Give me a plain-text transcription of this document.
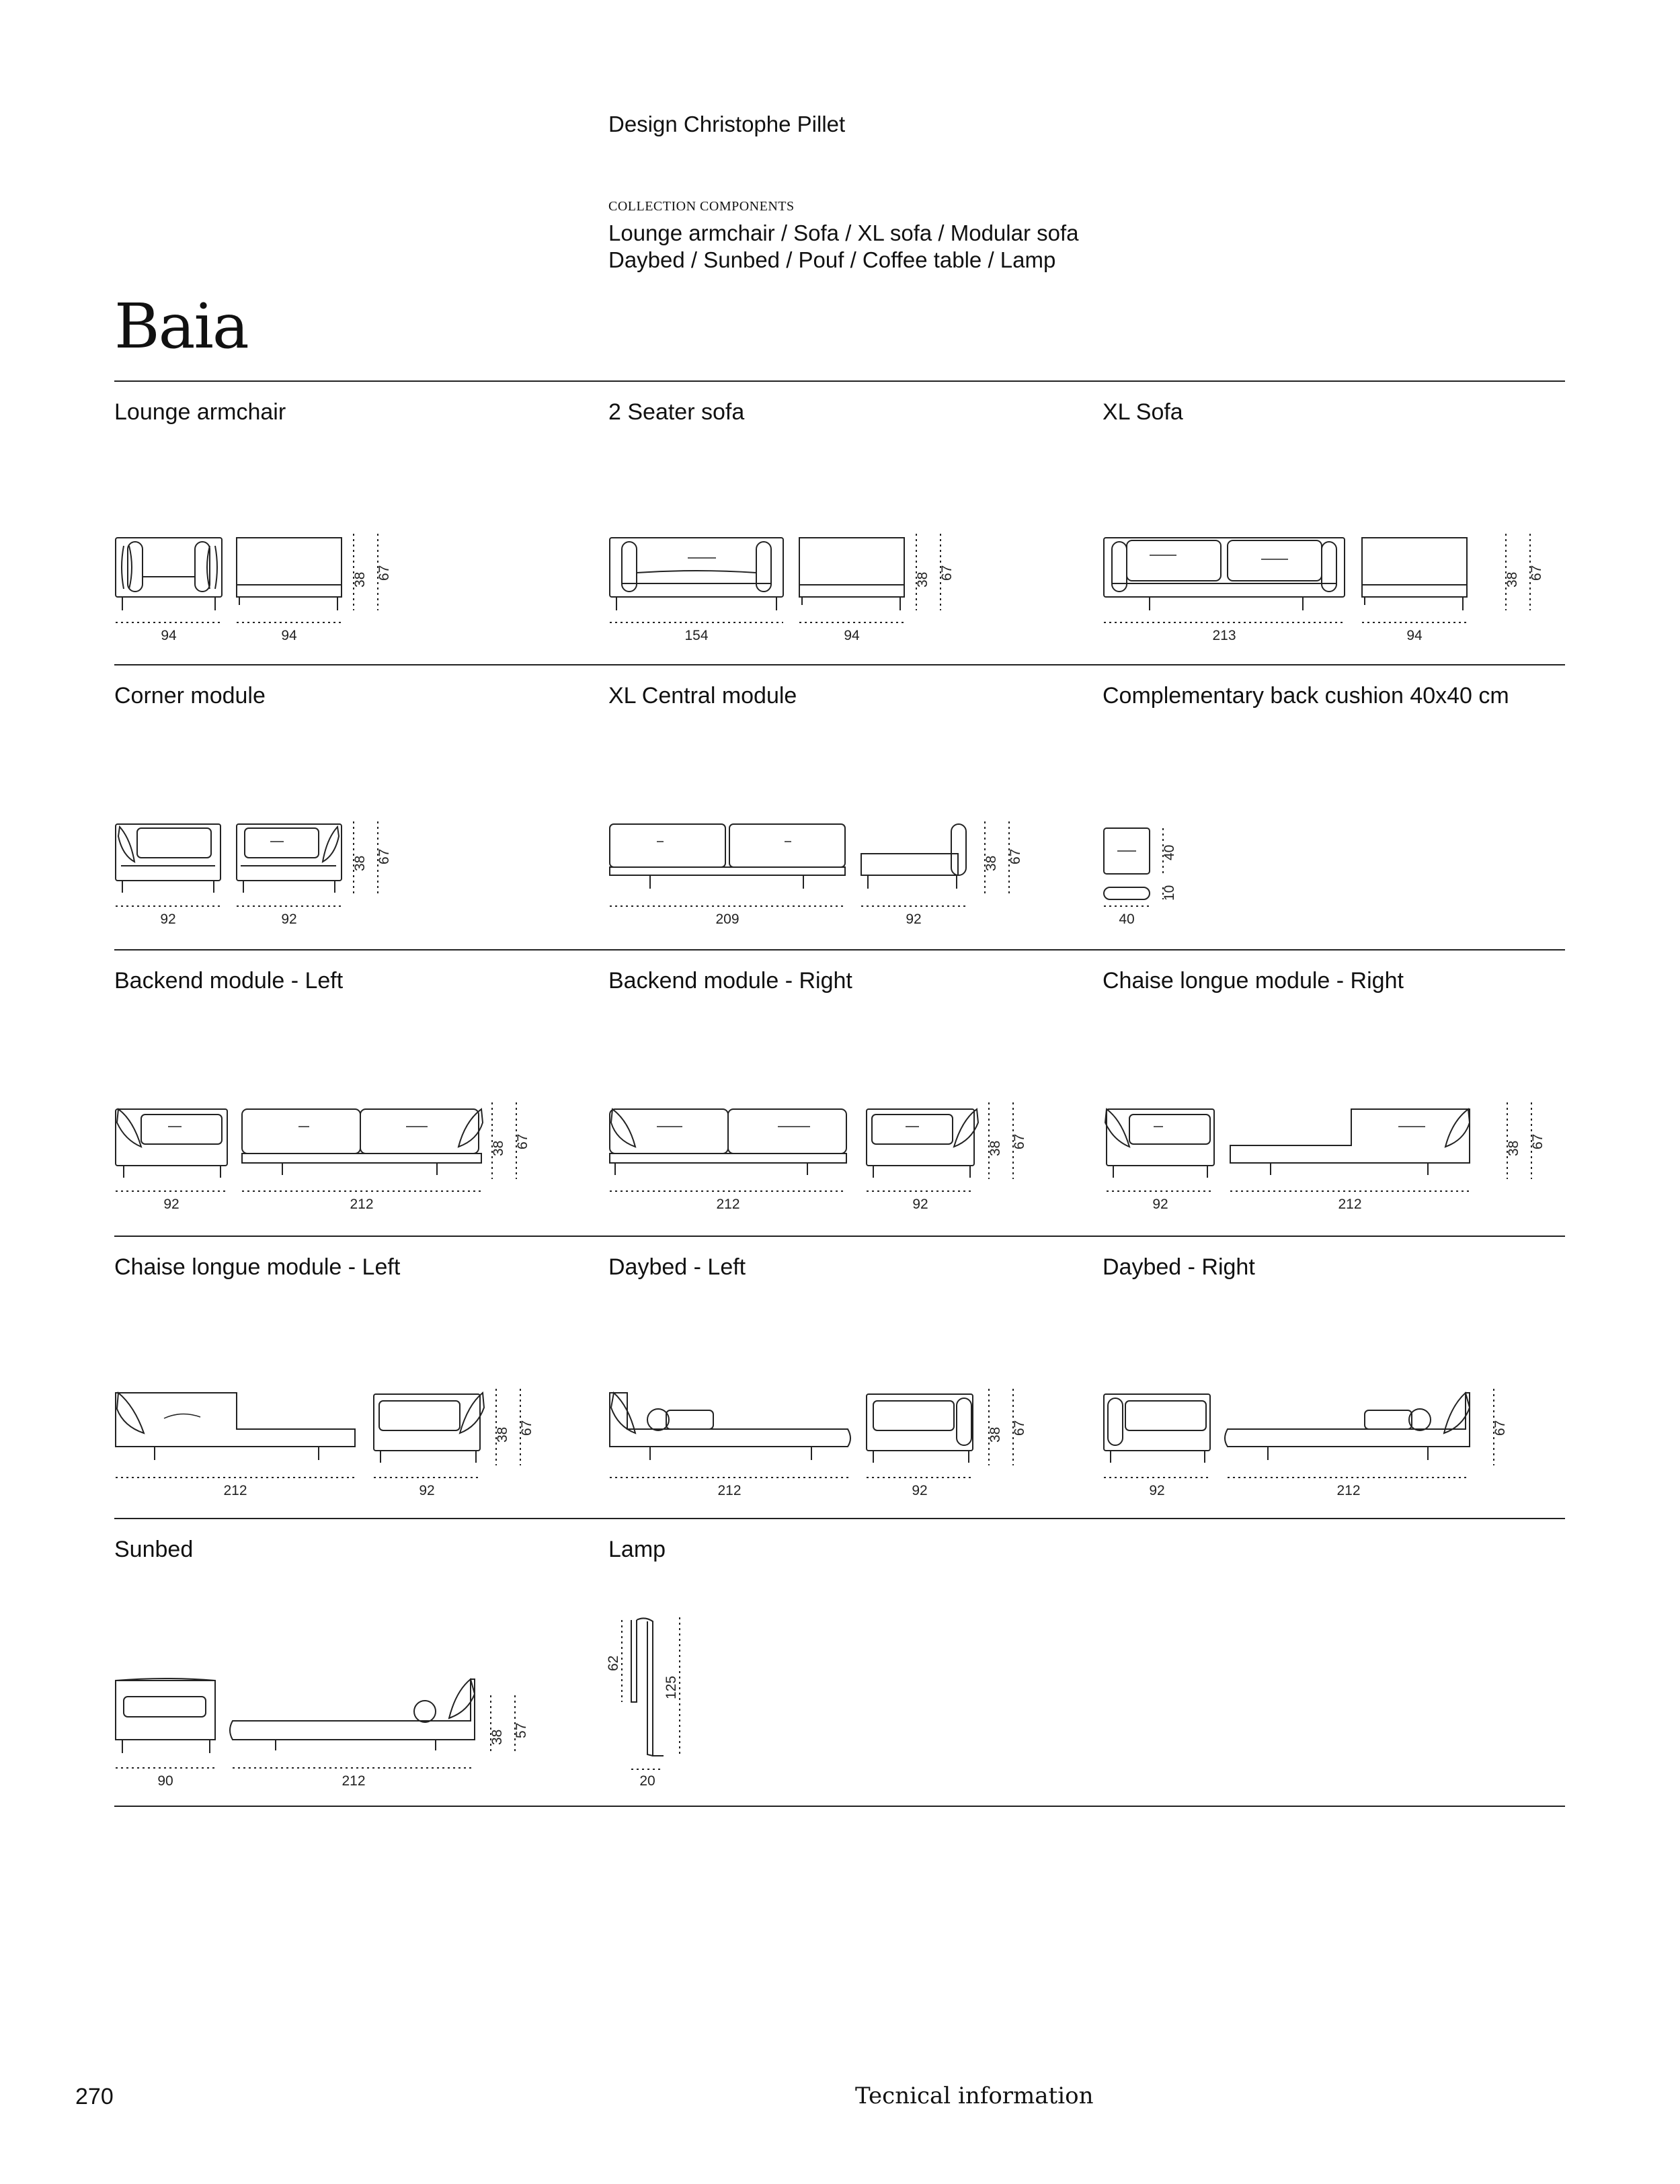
Design Christophe Pillet
COLLECTION COMPONENTS
Lounge armchair / Sofa / XL sofa / Modular sofa
Daybed / Sunbed / Pouf / Coffee table / Lamp
Baia
Lounge armchair
94	94
38 67
2 Seater sofa
154	94
38 67
XL Sofa
213	94
38 67
Corner module
92	92
38 67
XL Central module
209	92
38 67
Complementary back cushion 40x40 cm
40
40
10
Backend module - Left
92	212
38 67
Backend module - Right
212	92
38 67
Chaise longue module - Right
92	212
38 67
Chaise longue module - Left
212	92
38 67
Daybed - Left
212	92
38 67
Daybed - Right
92	212
67
Sunbed
90	212
38 57
Lamp
62
125
20
270	Tecnical information
